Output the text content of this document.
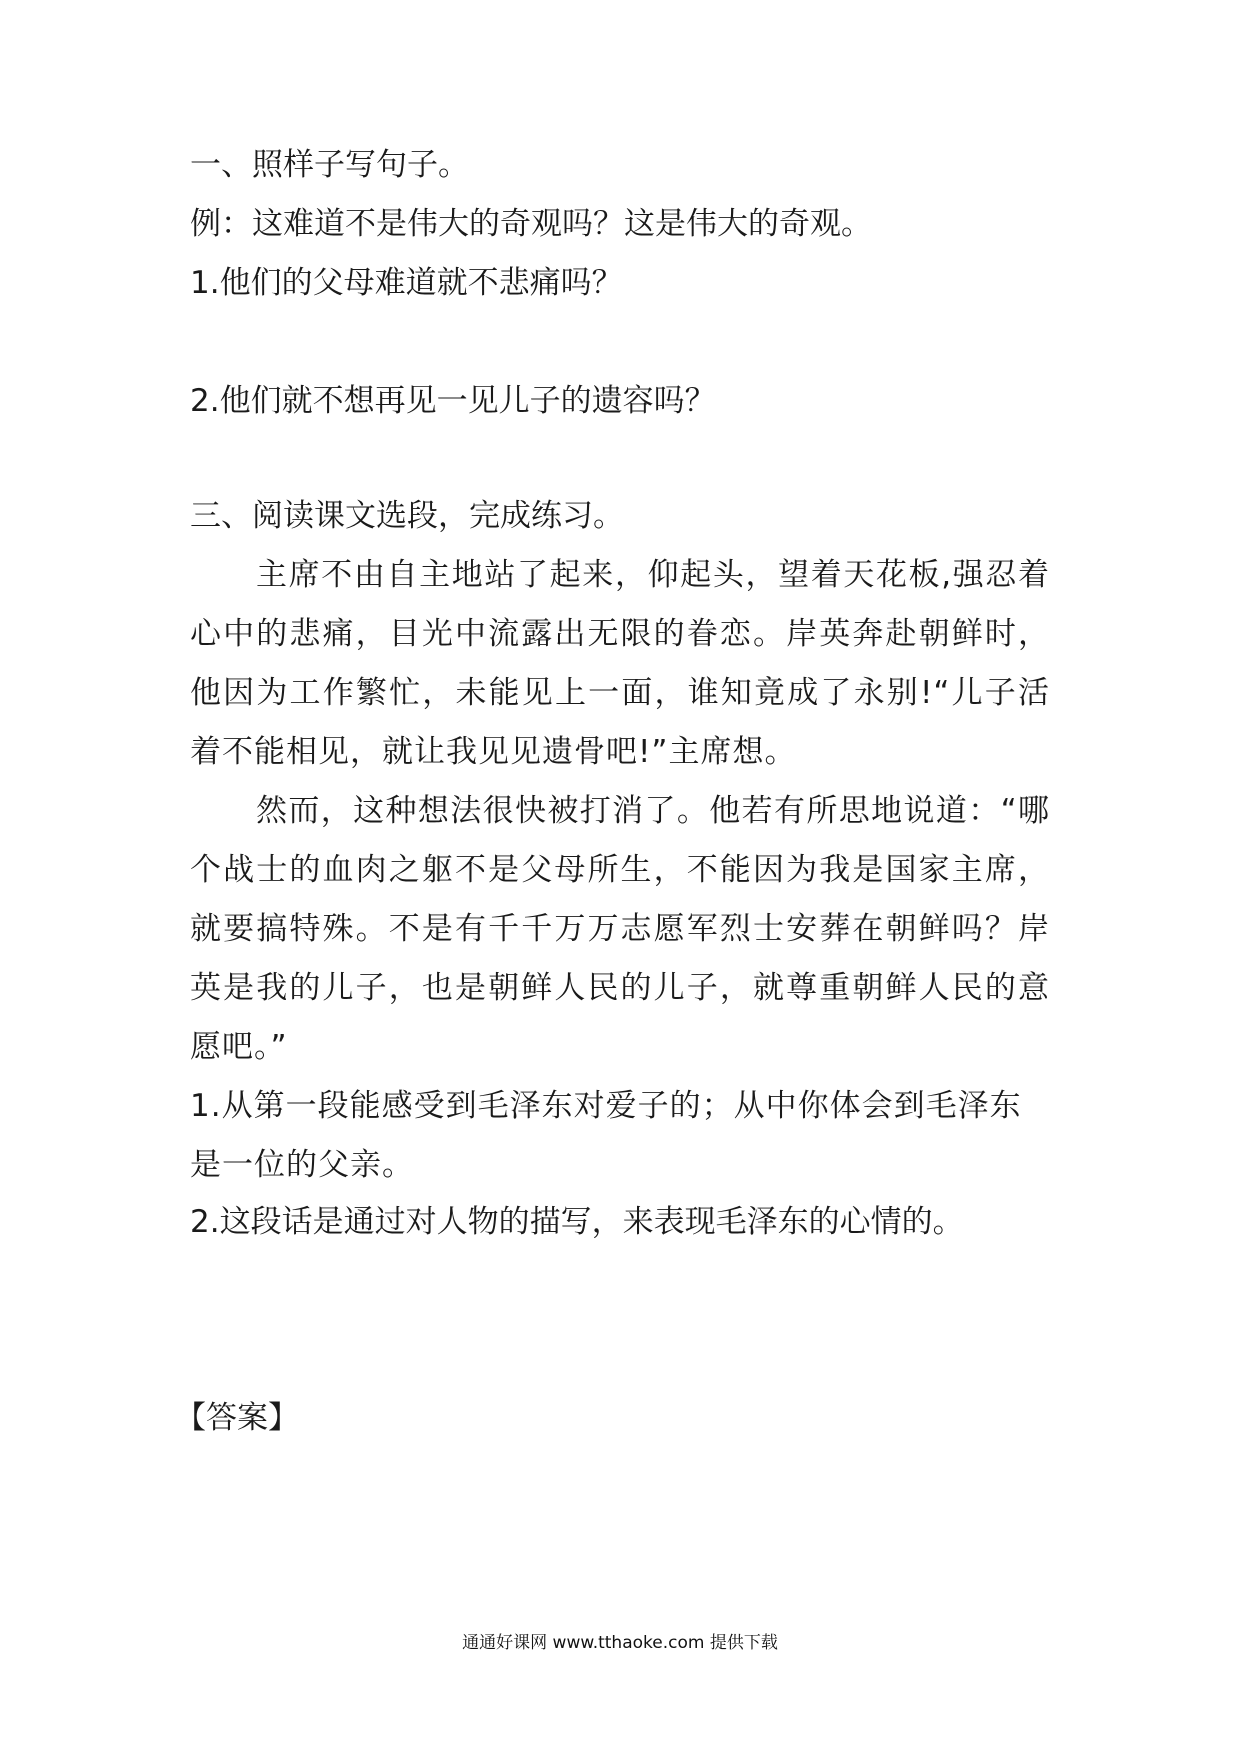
一、照样子写句子。
例：这难道不是伟大的奇观吗？这是伟大的奇观。
1.他们的父母难道就不悲痛吗？
2.他们就不想再见一见儿子的遗容吗？
三、阅读课文选段，完成练习。
主席不由自主地站了起来，仰起头，望着天花板,强忍着心中的悲痛，目光中流露出无限的眷恋。岸英奔赴朝鲜时，他因为工作繁忙，未能见上一面，谁知竟成了永别!“儿子活着不能相见，就让我见见遗骨吧!”主席想。
然而，这种想法很快被打消了。他若有所思地说道：“哪个战士的血肉之躯不是父母所生，不能因为我是国家主席，就要搞特殊。不是有千千万万志愿军烈士安葬在朝鲜吗？岸英是我的儿子，也是朝鲜人民的儿子，就尊重朝鲜人民的意愿吧。”
1.从第一段能感受到毛泽东对爱子的；从中你体会到毛泽东是一位的父亲。
2.这段话是通过对人物的描写，来表现毛泽东的心情的。
【答案】
通通好课网 www.tthaoke.com 提供下载
